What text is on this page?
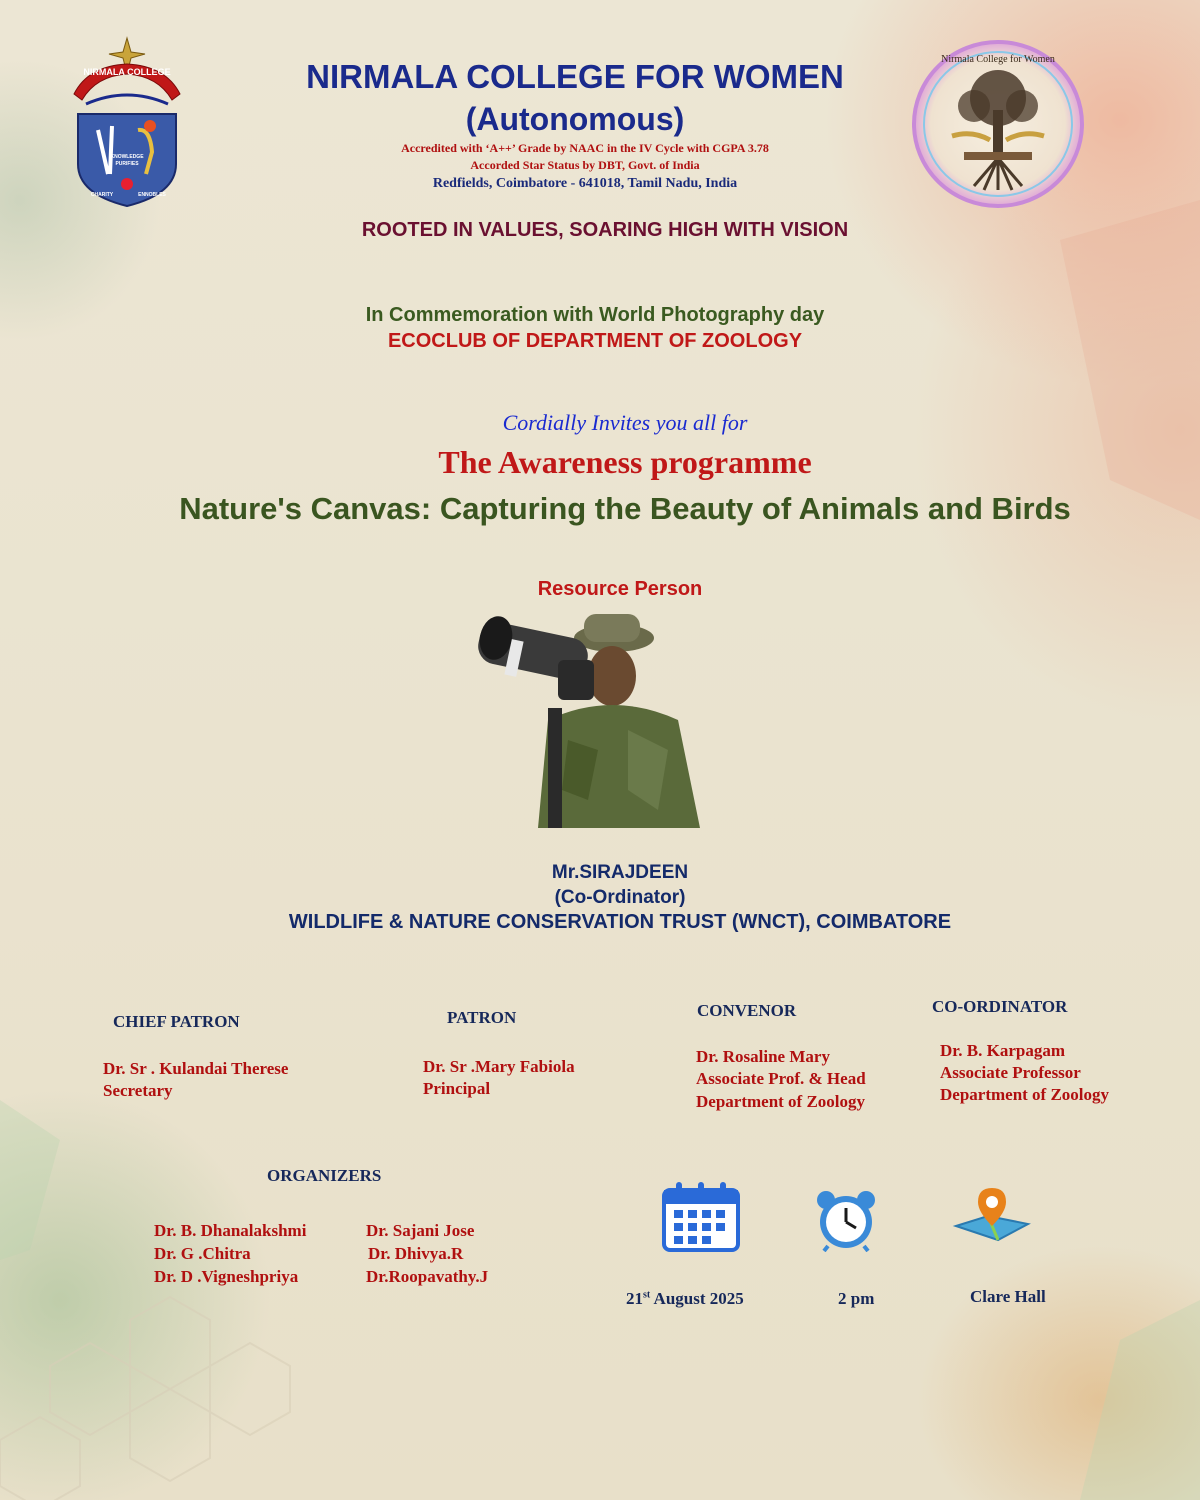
NIRMALA COLLEGE
KNOWLEDGE
PURIFIES
CHARITY	ENNOBLES
Nirmala College for Women
NIRMALA COLLEGE FOR WOMEN
(Autonomous)
Accredited with ‘A++’ Grade by NAAC in the IV Cycle with CGPA 3.78
Accorded Star Status by DBT, Govt. of India
Redfields, Coimbatore - 641018, Tamil Nadu, India
ROOTED IN VALUES, SOARING HIGH WITH VISION
In Commemoration with World Photography day
ECOCLUB OF DEPARTMENT OF ZOOLOGY
Cordially Invites you all for
The Awareness programme
Nature's Canvas: Capturing the Beauty of Animals and Birds
Resource Person
Mr.SIRAJDEEN
(Co-Ordinator)
WILDLIFE & NATURE CONSERVATION TRUST (WNCT), COIMBATORE
CHIEF PATRON
Dr. Sr . Kulandai Therese
Secretary
PATRON
Dr. Sr .Mary Fabiola
Principal
CONVENOR
Dr. Rosaline Mary
Associate Prof. & Head
Department of Zoology
CO-ORDINATOR
Dr. B. Karpagam
Associate Professor
Department of Zoology
ORGANIZERS
Dr. B. Dhanalakshmi
Dr. G .Chitra
Dr. D .Vigneshpriya
Dr. Sajani Jose
Dr. Dhivya.R
Dr.Roopavathy.J
21st August 2025	2 pm	Clare Hall
